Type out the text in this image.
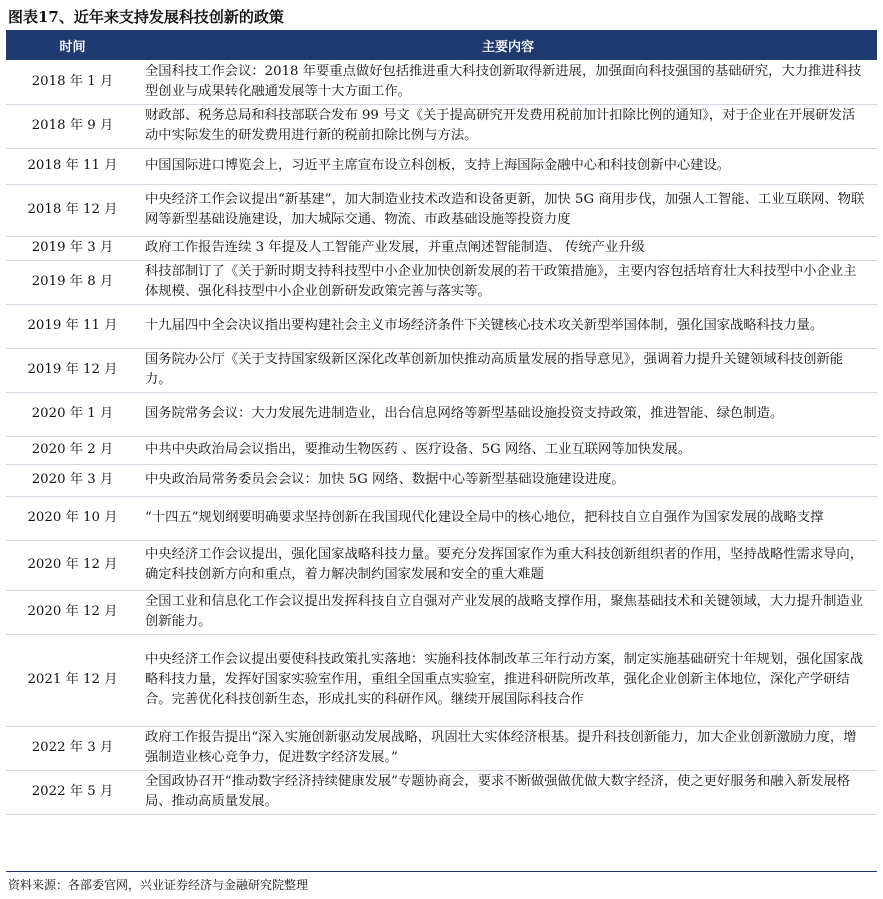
图表17、近年来支持发展科技创新的政策
时间	主要内容
2018 年 1 月	全国科技工作会议：2018 年要重点做好包括推进重大科技创新取得新进展，加强面向科技强国的基础研究，大力推进科技型创业与成果转化融通发展等十大方面工作。
2018 年 9 月	财政部、税务总局和科技部联合发布 99 号文《关于提高研究开发费用税前加计扣除比例的通知》，对于企业在开展研发活动中实际发生的研发费用进行新的税前扣除比例与方法。
2018 年 11 月	中国国际进口博览会上，习近平主席宣布设立科创板，支持上海国际金融中心和科技创新中心建设。
2018 年 12 月	中央经济工作会议提出“新基建”，加大制造业技术改造和设备更新，加快 5G 商用步伐，加强人工智能、工业互联网、物联网等新型基础设施建设，加大城际交通、物流、市政基础设施等投资力度
2019 年 3 月	政府工作报告连续 3 年提及人工智能产业发展，并重点阐述智能制造、 传统产业升级
2019 年 8 月	科技部制订了《关于新时期支持科技型中小企业加快创新发展的若干政策措施》，主要内容包括培育壮大科技型中小企业主体规模、强化科技型中小企业创新研发政策完善与落实等。
2019 年 11 月	十九届四中全会决议指出要构建社会主义市场经济条件下关键核心技术攻关新型举国体制，强化国家战略科技力量。
2019 年 12 月	国务院办公厅《关于支持国家级新区深化改革创新加快推动高质量发展的指导意见》，强调着力提升关键领域科技创新能力。
2020 年 1 月	国务院常务会议：大力发展先进制造业，出台信息网络等新型基础设施投资支持政策，推进智能、绿色制造。
2020 年 2 月	中共中央政治局会议指出，要推动生物医药 、医疗设备、5G 网络、工业互联网等加快发展。
2020 年 3 月	中央政治局常务委员会会议：加快 5G 网络、数据中心等新型基础设施建设进度。
2020 年 10 月	“十四五”规划纲要明确要求坚持创新在我国现代化建设全局中的核心地位，把科技自立自强作为国家发展的战略支撑
2020 年 12 月	中央经济工作会议提出，强化国家战略科技力量。要充分发挥国家作为重大科技创新组织者的作用，坚持战略性需求导向，确定科技创新方向和重点，着力解决制约国家发展和安全的重大难题
2020 年 12 月	全国工业和信息化工作会议提出发挥科技自立自强对产业发展的战略支撑作用，聚焦基础技术和关键领域，大力提升制造业创新能力。
2021 年 12 月	中央经济工作会议提出要使科技政策扎实落地：实施科技体制改革三年行动方案，制定实施基础研究十年规划，强化国家战略科技力量，发挥好国家实验室作用，重组全国重点实验室，推进科研院所改革，强化企业创新主体地位，深化产学研结合。完善优化科技创新生态，形成扎实的科研作风。继续开展国际科技合作
2022 年 3 月	政府工作报告提出“深入实施创新驱动发展战略，巩固壮大实体经济根基。提升科技创新能力，加大企业创新激励力度，增强制造业核心竞争力，促进数字经济发展。”
2022 年 5 月	全国政协召开“推动数字经济持续健康发展”专题协商会，要求不断做强做优做大数字经济，使之更好服务和融入新发展格局、推动高质量发展。
资料来源：各部委官网，兴业证券经济与金融研究院整理
